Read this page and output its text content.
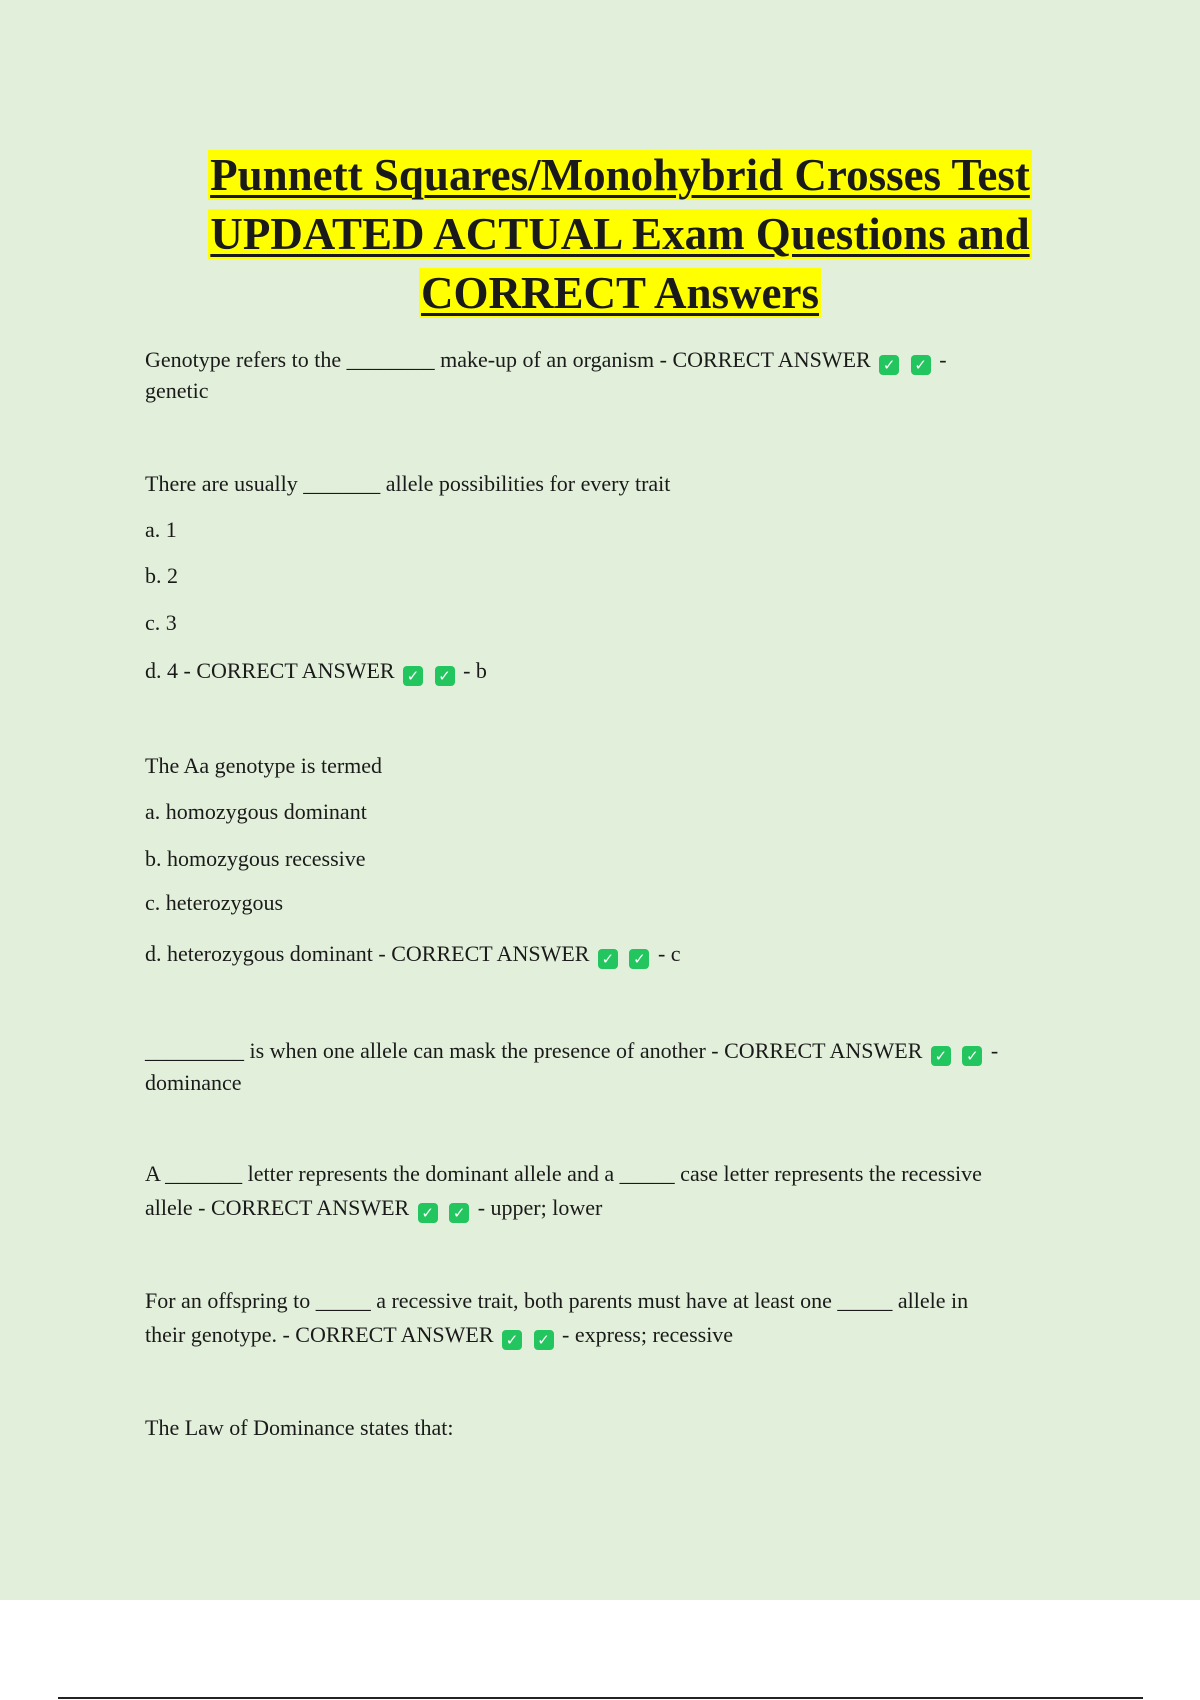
Punnett Squares/Monohybrid Crosses Test
UPDATED ACTUAL Exam Questions and
CORRECT Answers
Genotype refers to the ________ make-up of an organism - CORRECT ANSWER ✓ ✓ -
genetic
There are usually _______ allele possibilities for every trait
a. 1
b. 2
c. 3
d. 4 - CORRECT ANSWER ✓ ✓ - b
The Aa genotype is termed
a. homozygous dominant
b. homozygous recessive
c. heterozygous
d. heterozygous dominant - CORRECT ANSWER ✓ ✓ - c
_________ is when one allele can mask the presence of another - CORRECT ANSWER ✓ ✓ -
dominance
A _______ letter represents the dominant allele and a _____ case letter represents the recessive
allele - CORRECT ANSWER ✓ ✓ - upper; lower
For an offspring to _____ a recessive trait, both parents must have at least one _____ allele in
their genotype. - CORRECT ANSWER ✓ ✓ - express; recessive
The Law of Dominance states that:
